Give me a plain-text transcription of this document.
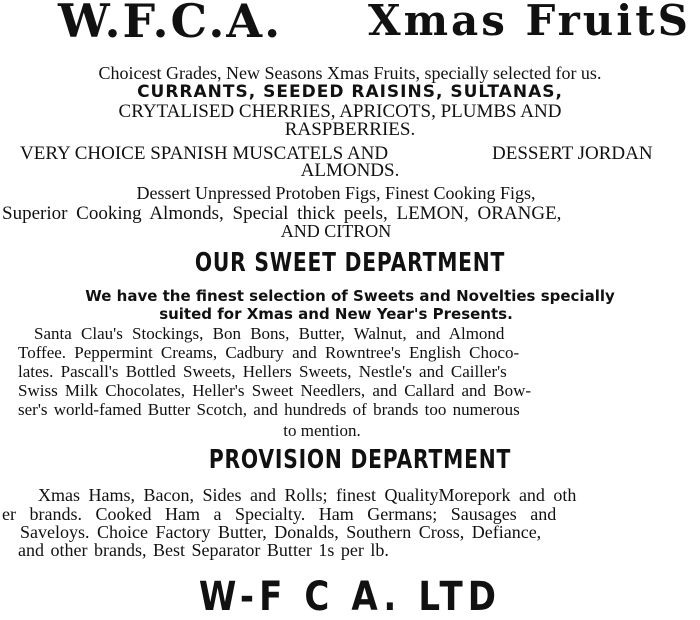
W.F.C.A. Xmas FruitS
Choicest Grades, New Seasons Xmas Fruits, specially selected for us.
CURRANTS, SEEDED RAISINS, SULTANAS,
CRYTALISED CHERRIES, APRICOTS, PLUMBS AND
RASPBERRIES.
VERY CHOICE SPANISH MUSCATELS AND	DESSERT JORDAN
ALMONDS.
Dessert Unpressed Protoben Figs, Finest Cooking Figs,
Superior Cooking Almonds, Special thick peels, LEMON, ORANGE,
AND CITRON
OUR SWEET DEPARTMENT
We have the finest selection of Sweets and Novelties specially
suited for Xmas and New Year's Presents.
Santa Clau's Stockings, Bon Bons, Butter, Walnut, and Almond
Toffee. Peppermint Creams, Cadbury and Rowntree's English Choco-
lates. Pascall's Bottled Sweets, Hellers Sweets, Nestle's and Cailler's
Swiss Milk Chocolates, Heller's Sweet Needlers, and Callard and Bow-
ser's world-famed Butter Scotch, and hundreds of brands too numerous
to mention.
PROVISION DEPARTMENT
Xmas Hams, Bacon, Sides and Rolls; finest QualityMorepork and oth
er brands. Cooked Ham a Specialty. Ham Germans; Sausages and
Saveloys. Choice Factory Butter, Donalds, Southern Cross, Defiance,
and other brands, Best Separator Butter 1s per lb.
W-F C A. LTD
